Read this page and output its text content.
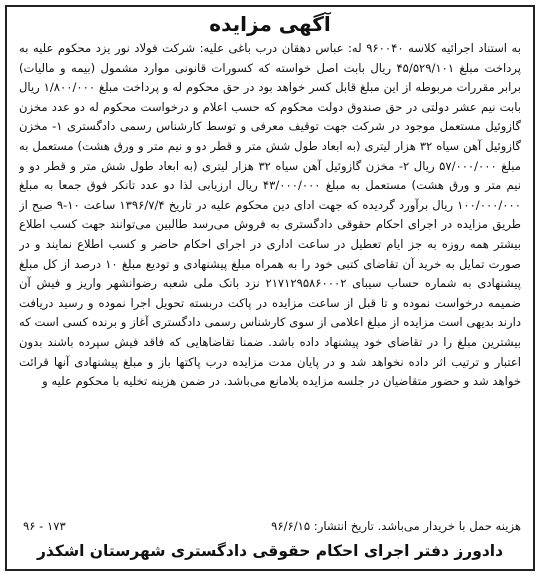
آگهی مزایده

به استناد اجرائیه کلاسه ۹۶۰۰۴۰ له: عباس دهقان درب باغی علیه: شرکت فولاد نور یزد محکوم علیه به پرداخت مبلغ ۴۵/۵۲۹/۱۰۱ ریال بابت اصل خواسته که کسورات قانونی موارد مشمول (بیمه و مالیات) برابر مقررات مربوطه از این مبلغ قابل کسر خواهد بود در حق محکوم له و پرداخت مبلغ ۱/۸۰۰/۰۰۰ ریال بابت نیم عشر دولتی در حق صندوق دولت محکوم که حسب اعلام و درخواست محکوم له دو عدد مخزن گازوئیل مستعمل موجود در شرکت جهت توقیف معرفی و توسط کارشناس رسمی دادگستری ۱- مخزن گازوئیل آهن سیاه ۳۲ هزار لیتری (به ابعاد طول شش متر و قطر دو و نیم متر و ورق هشت) مستعمل به مبلغ ۵۷/۰۰۰/۰۰۰ ریال ۲- مخزن گازوئیل آهن سیاه ۳۲ هزار لیتری (به ابعاد طول شش متر و قطر دو و نیم متر و ورق هشت) مستعمل به مبلغ ۴۳/۰۰۰/۰۰۰ ریال ارزیابی لذا دو عدد تانکر فوق جمعا به مبلغ ۱۰۰/۰۰۰/۰۰۰ ریال برآورد گردیده که جهت ادای دین محکوم علیه در تاریخ ۱۳۹۶/۷/۴ ساعت ۱۰-۹ صبح از طریق مزایده در اجرای احکام حقوقی دادگستری به فروش می‌رسد طالبین می‌توانند جهت کسب اطلاع بیشتر همه روزه به جز ایام تعطیل در ساعت اداری در اجرای احکام حاضر و کسب اطلاع نمایند و در صورت تمایل به خرید آن تقاضای کتبی خود را به همراه مبلغ پیشنهادی و تودیع مبلغ ۱۰ درصد از کل مبلغ پیشنهادی به شماره حساب سیبای ۲۱۷۱۲۹۵۸۶۰۰۰۲ نزد بانک ملی شعبه رضوانشهر واریز و فیش آن ضمیمه درخواست نموده و تا قبل از ساعت مزایده در پاکت دربسته تحویل اجرا نموده و رسید دریافت دارند بدیهی است مزایده از مبلغ اعلامی از سوی کارشناس رسمی دادگستری آغاز و برنده کسی است که بیشترین مبلغ را در تقاضای خود پیشنهاد داده باشد. ضمنا تقاضاهایی که فاقد فیش سپرده باشند بدون اعتبار و ترتیب اثر داده نخواهد شد و در پایان مدت مزایده درب پاکتها باز و مبلغ پیشنهادی آنها قرائت خواهد شد و حضور متقاضیان در جلسه مزایده بلامانع می‌باشد. در ضمن هزینه تخلیه با محکوم علیه و

هزینه حمل با خریدار می‌باشد. تاریخ انتشار: ۹۶/۶/۱۵
۹۶ - ۱۷۳
دادورز دفتر اجرای احکام حقوقی دادگستری شهرستان اشکذر
